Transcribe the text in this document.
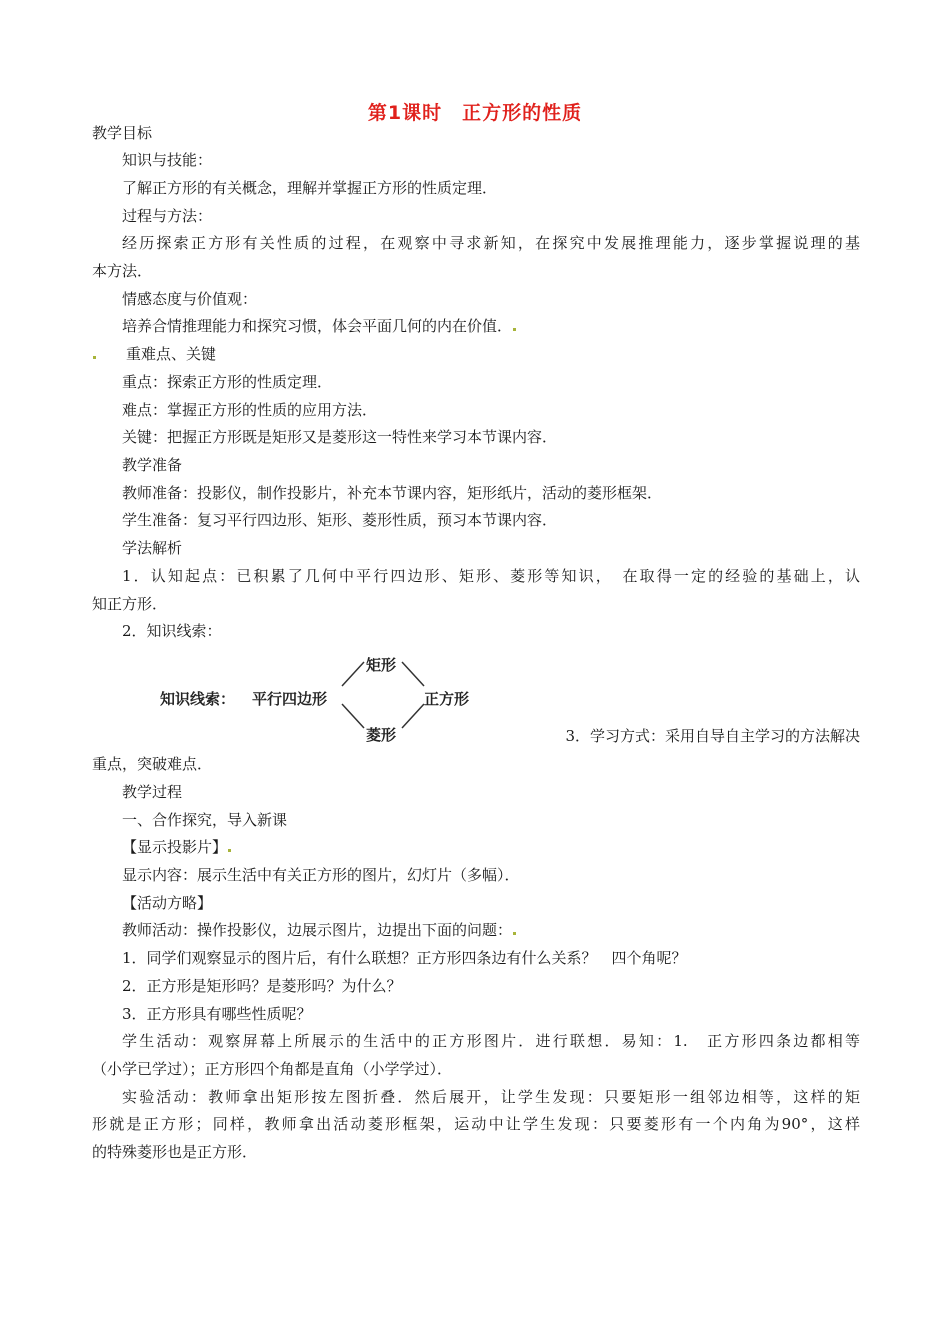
第1课时　正方形的性质
教学目标
知识与技能：
了解正方形的有关概念，理解并掌握正方形的性质定理．
过程与方法：
经历探索正方形有关性质的过程，在观察中寻求新知，在探究中发展推理能力，逐步掌握说理的基
本方法．
情感态度与价值观：
培养合情推理能力和探究习惯，体会平面几何的内在价值．
重难点、关键
重点：探索正方形的性质定理．
难点：掌握正方形的性质的应用方法．
关键：把握正方形既是矩形又是菱形这一特性来学习本节课内容．
教学准备
教师准备：投影仪，制作投影片，补充本节课内容，矩形纸片，活动的菱形框架．
学生准备：复习平行四边形、矩形、菱形性质，预习本节课内容．
学法解析
1．认知起点：已积累了几何中平行四边形、矩形、菱形等知识，　在取得一定的经验的基础上，认
知正方形．
2．知识线索：
知识线索： 平行四边形
矩形
菱形
正方形
3．学习方式：采用自导自主学习的方法解决
重点，突破难点．
教学过程
一、合作探究，导入新课
【显示投影片】
显示内容：展示生活中有关正方形的图片，幻灯片（多幅）．
【活动方略】
教师活动：操作投影仪，边展示图片，边提出下面的问题：
1．同学们观察显示的图片后，有什么联想？正方形四条边有什么关系？　四个角呢？
2．正方形是矩形吗？是菱形吗？为什么？
3．正方形具有哪些性质呢？
学生活动：观察屏幕上所展示的生活中的正方形图片．进行联想．易知：1.　正方形四条边都相等
（小学已学过）；正方形四个角都是直角（小学学过）．
实验活动：教师拿出矩形按左图折叠．然后展开，让学生发现：只要矩形一组邻边相等，这样的矩
形就是正方形；同样，教师拿出活动菱形框架，运动中让学生发现：只要菱形有一个内角为90°，这样
的特殊菱形也是正方形．
